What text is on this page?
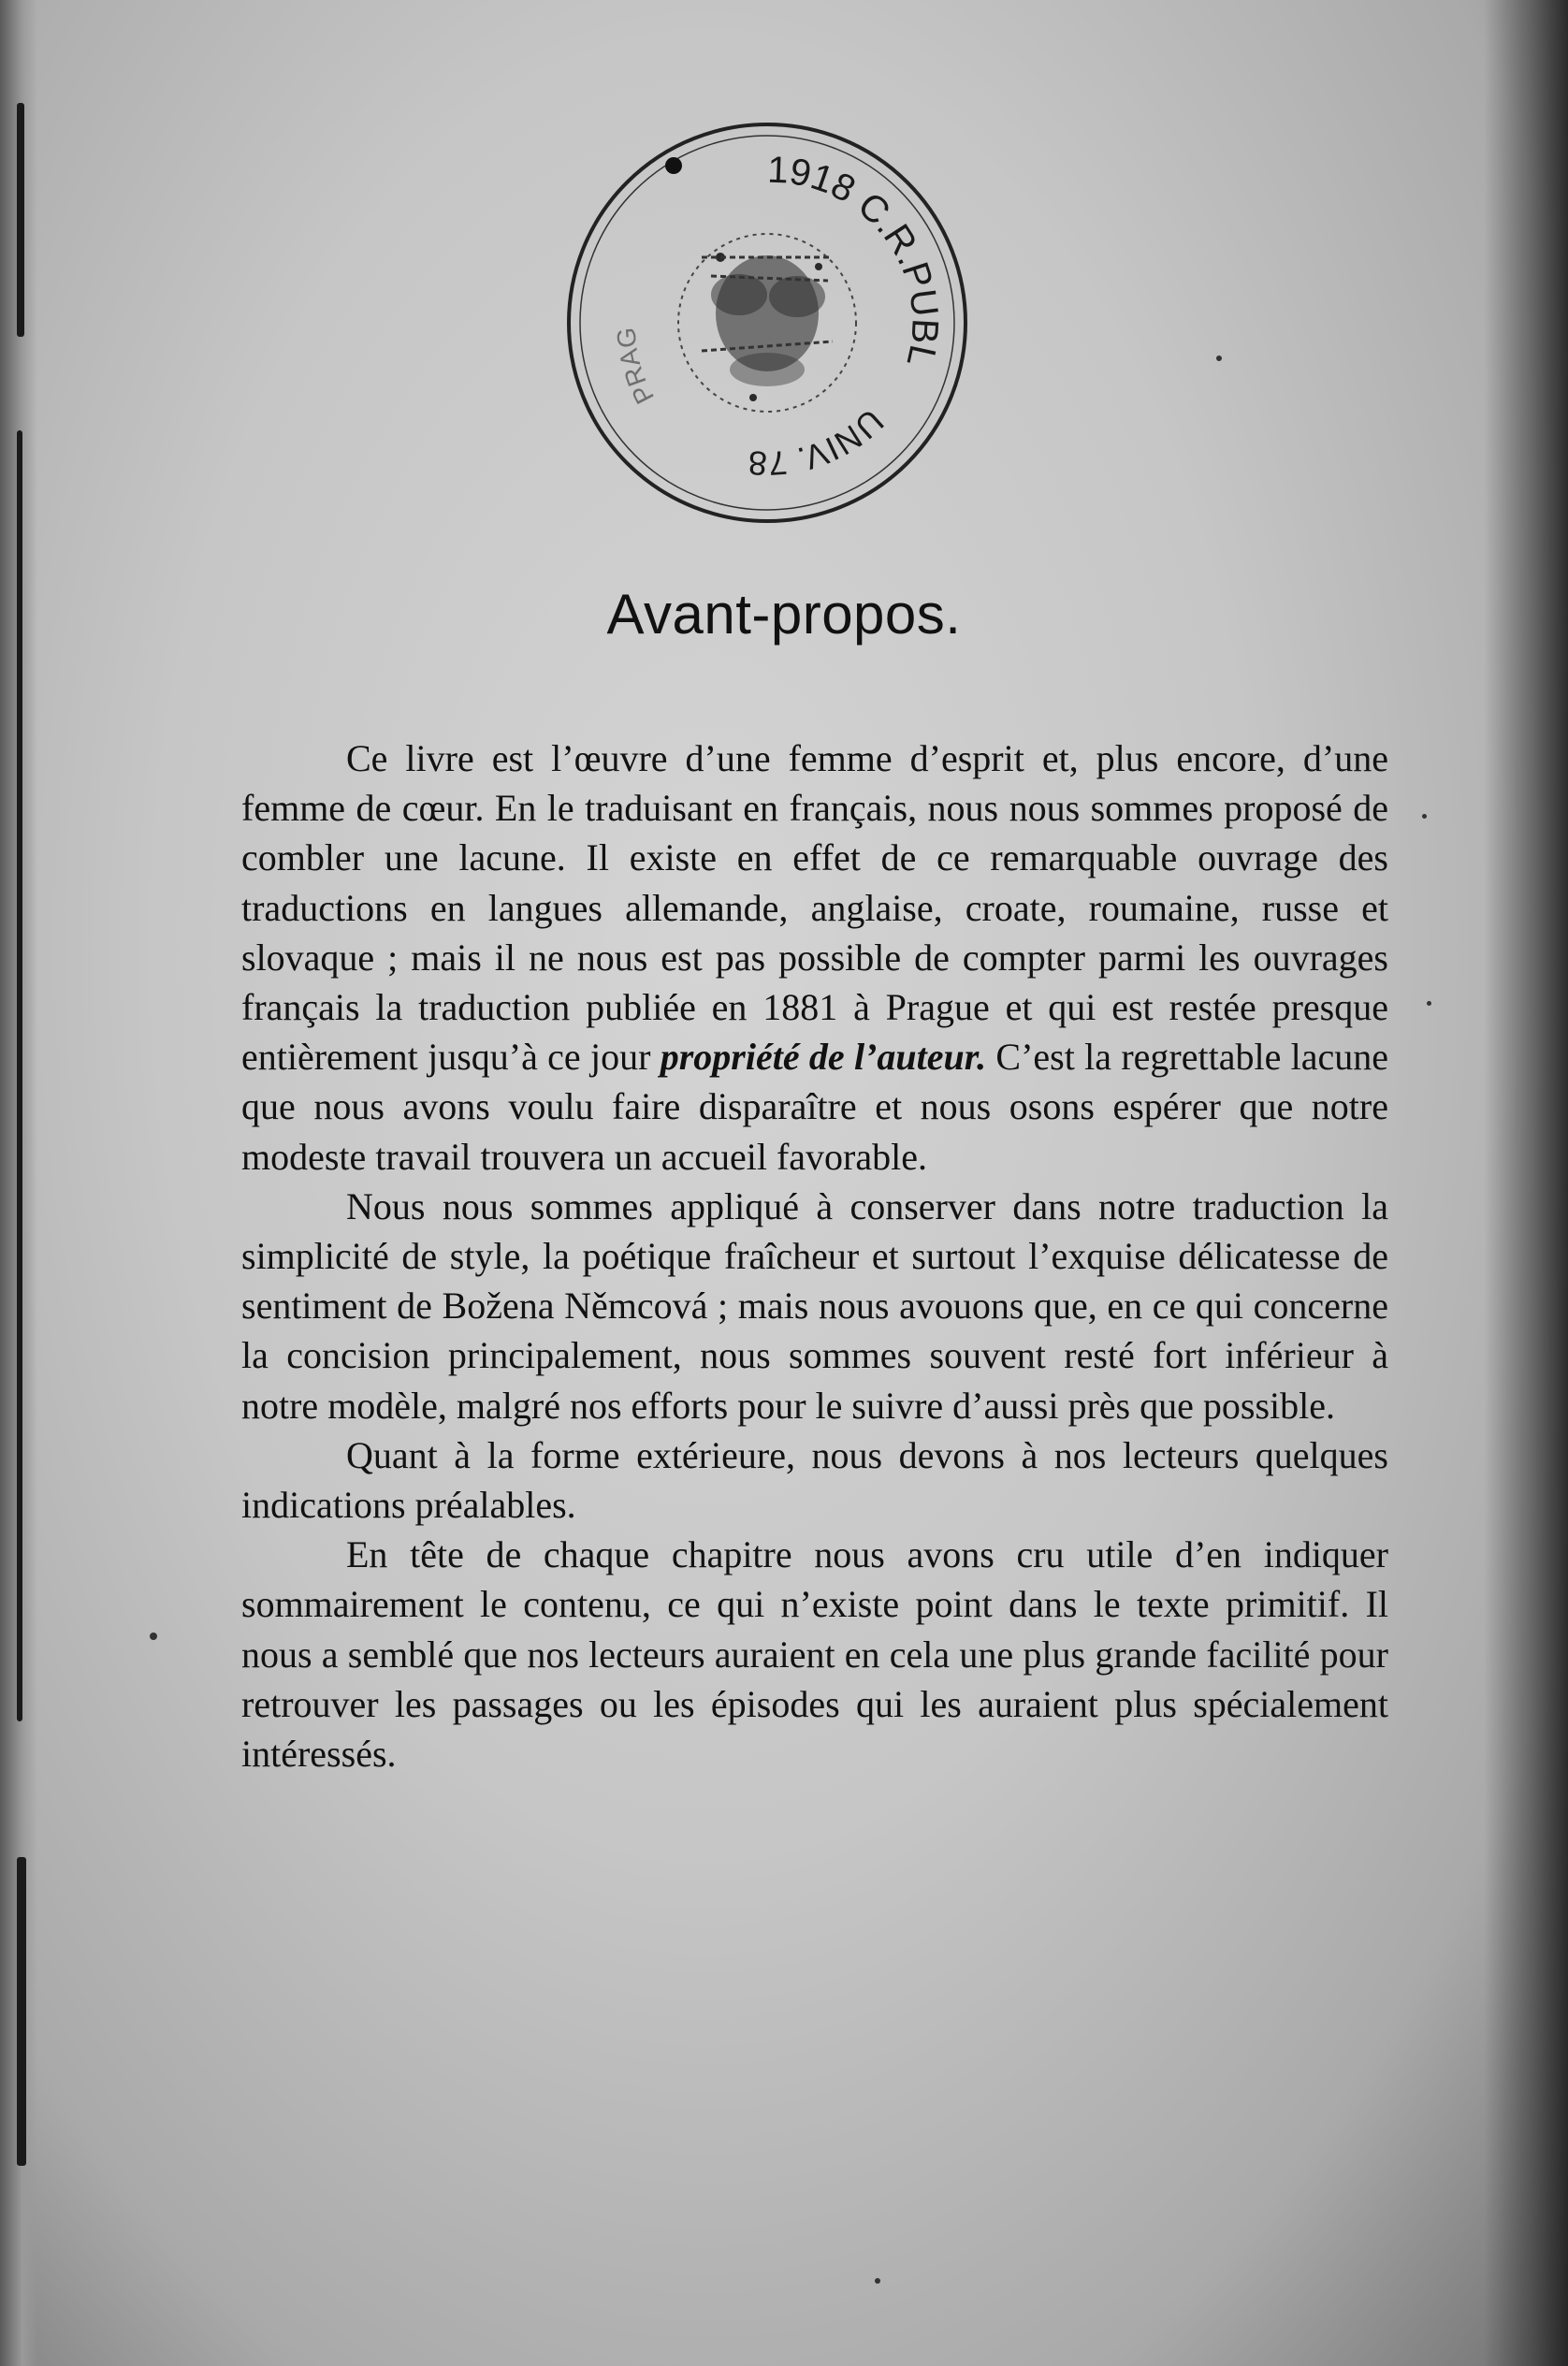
1918 C.R.PUBL
UNIV. 78
PRAG
Avant-propos.

Ce livre est l’œuvre d’une femme d’esprit et, plus encore, d’une femme de cœur. En le traduisant en français, nous nous sommes proposé de combler une lacune. Il existe en effet de ce remarquable ouvrage des traductions en langues allemande, anglaise, croate, roumaine, russe et slovaque ; mais il ne nous est pas possible de compter parmi les ouvrages français la traduction publiée en 1881 à Prague et qui est restée presque entièrement jusqu’à ce jour propriété de l’auteur. C’est la regrettable lacune que nous avons voulu faire disparaître et nous osons espérer que notre modeste travail trouvera un accueil favorable.

Nous nous sommes appliqué à conserver dans notre traduction la simplicité de style, la poétique fraîcheur et surtout l’exquise délicatesse de sentiment de Božena Němcová ; mais nous avouons que, en ce qui concerne la concision principalement, nous sommes souvent resté fort inférieur à notre modèle, malgré nos efforts pour le suivre d’aussi près que possible.

Quant à la forme extérieure, nous devons à nos lecteurs quelques indications préalables.

En tête de chaque chapitre nous avons cru utile d’en indiquer sommairement le contenu, ce qui n’existe point dans le texte primitif. Il nous a semblé que nos lecteurs auraient en cela une plus grande facilité pour retrouver les passages ou les épisodes qui les auraient plus spécialement intéressés.
